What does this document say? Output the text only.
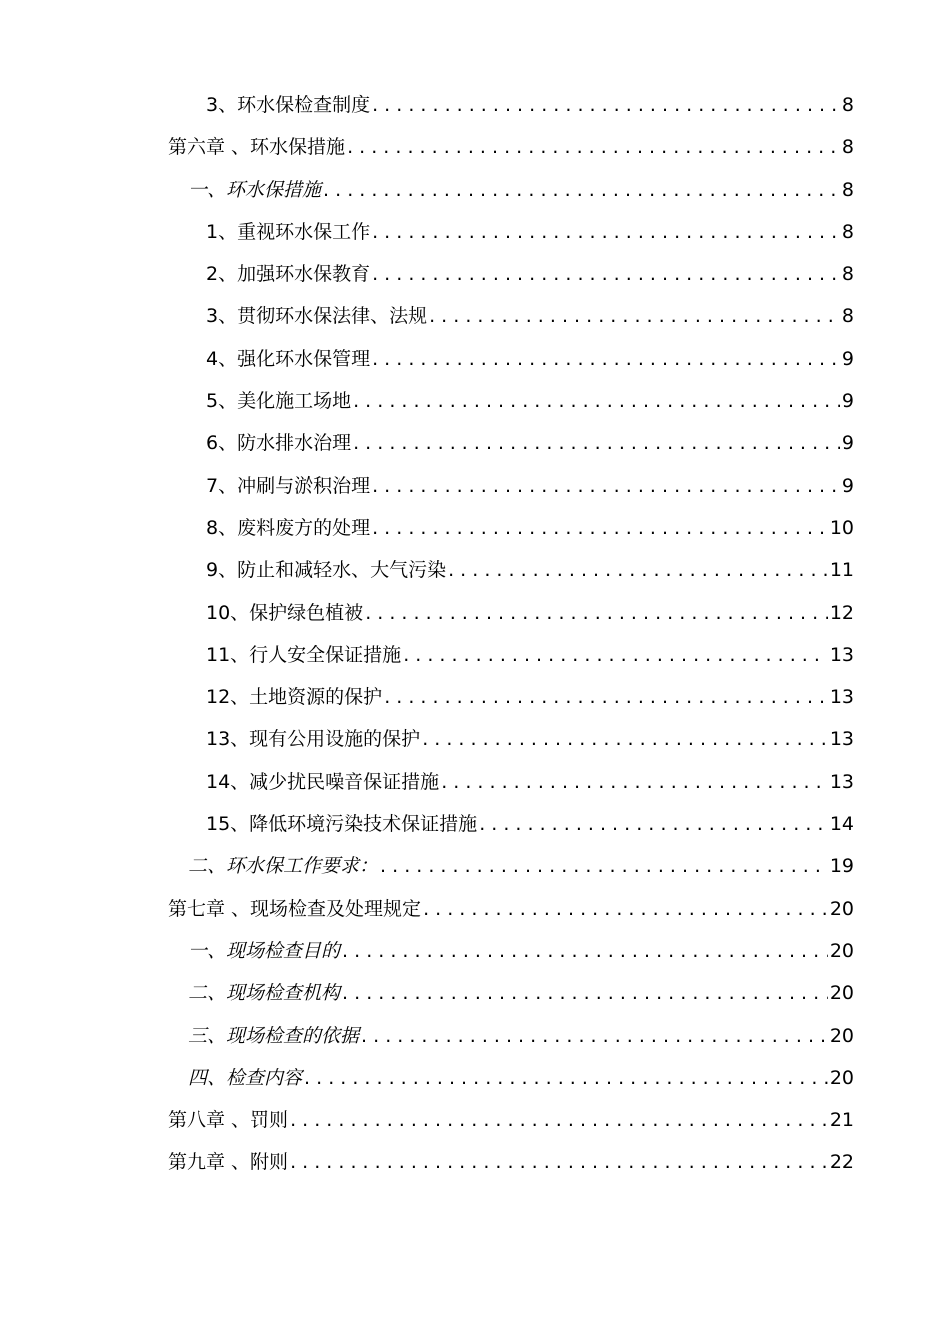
3、环水保检查制度 . . .	8
第六章 、 环水保措施 . . .	8
一、 环水保措施 . . .	8
1、重视环水保工作 . . .	8
2、加强环水保教育 . . .	8
3、贯彻环水保法律、法规 . . .	8
4、强化环水保管理 . . .	9
5、美化施工场地 . . .	9
6、防水排水治理 . . .	9
7、冲刷与淤积治理 . . .	9
8、废料废方的处理 . . .	10
9、防止和减轻水、大气污染 . . .	11
10、保护绿色植被 . . .	12
11、行人安全保证措施 . . .	13
12、土地资源的保护 . . .	13
13、现有公用设施的保护 . . .	13
14、减少扰民噪音保证措施 . . .	13
15、降低环境污染技术保证措施 . . .	14
二、 环水保工作要求： . . .	19
第七章 、 现场检查及处理规定 . . .	20
一、 现场检查目的 . . .	20
二、 现场检查机构 . . .	20
三、 现场检查的依据 . . .	20
四、 检查内容 . . .	20
第八章 、 罚则 . . .	21
第九章 、 附则 . . .	22
